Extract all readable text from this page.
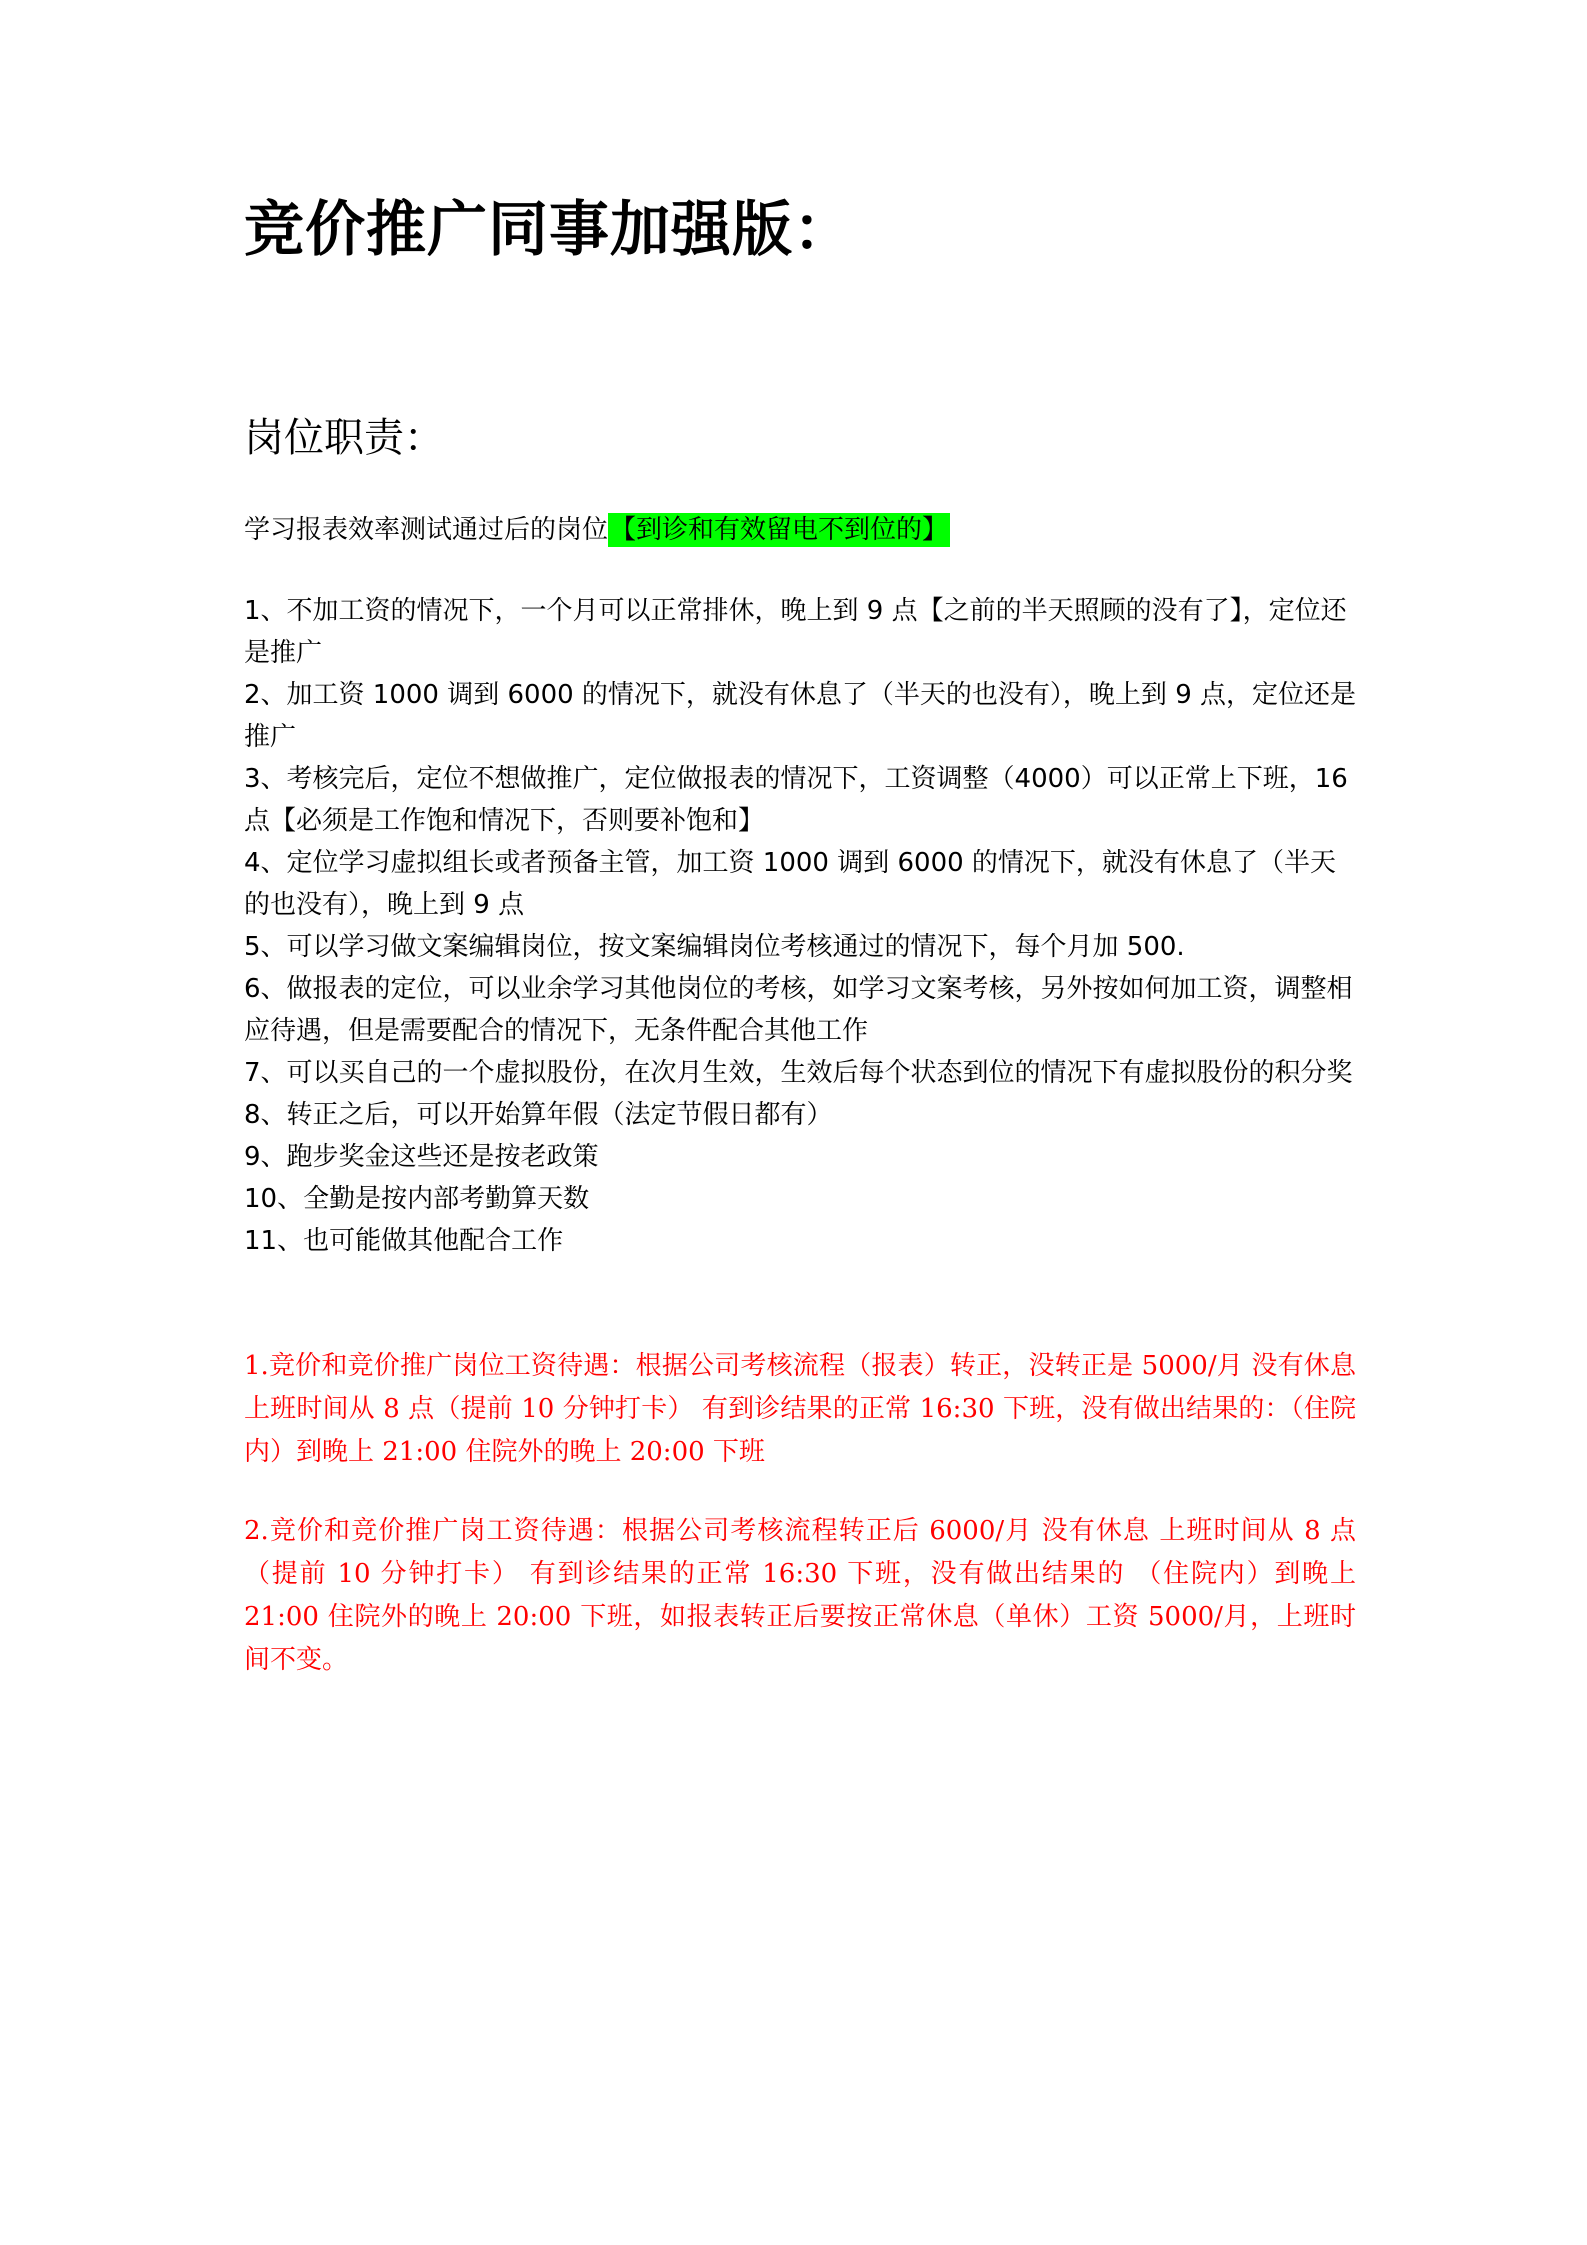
竞价推广同事加强版：
岗位职责：
学习报表效率测试通过后的岗位【到诊和有效留电不到位的】
1、不加工资的情况下，一个月可以正常排休，晚上到 9 点【之前的半天照顾的没有了】，定位还是推广
2、加工资 1000 调到 6000 的情况下，就没有休息了（半天的也没有），晚上到 9 点，定位还是推广
3、考核完后，定位不想做推广，定位做报表的情况下，工资调整（4000）可以正常上下班，16 点【必须是工作饱和情况下，否则要补饱和】
4、定位学习虚拟组长或者预备主管，加工资 1000 调到 6000 的情况下，就没有休息了（半天的也没有），晚上到 9 点
5、可以学习做文案编辑岗位，按文案编辑岗位考核通过的情况下，每个月加 500.
6、做报表的定位，可以业余学习其他岗位的考核，如学习文案考核，另外按如何加工资，调整相应待遇，但是需要配合的情况下，无条件配合其他工作
7、可以买自己的一个虚拟股份，在次月生效，生效后每个状态到位的情况下有虚拟股份的积分奖
8、转正之后，可以开始算年假（法定节假日都有）
9、跑步奖金这些还是按老政策
10、全勤是按内部考勤算天数
11、也可能做其他配合工作

1.竞价和竞价推广岗位工资待遇：根据公司考核流程（报表）转正，没转正是 5000/月 没有休息 上班时间从 8 点（提前 10 分钟打卡） 有到诊结果的正常 16:30 下班，没有做出结果的：（住院内）到晚上 21:00 住院外的晚上 20:00 下班

2.竞价和竞价推广岗工资待遇：根据公司考核流程转正后 6000/月 没有休息 上班时间从 8 点（提前 10 分钟打卡） 有到诊结果的正常 16:30 下班，没有做出结果的 （住院内）到晚上 21:00 住院外的晚上 20:00 下班，如报表转正后要按正常休息（单休）工资 5000/月，上班时间不变。
